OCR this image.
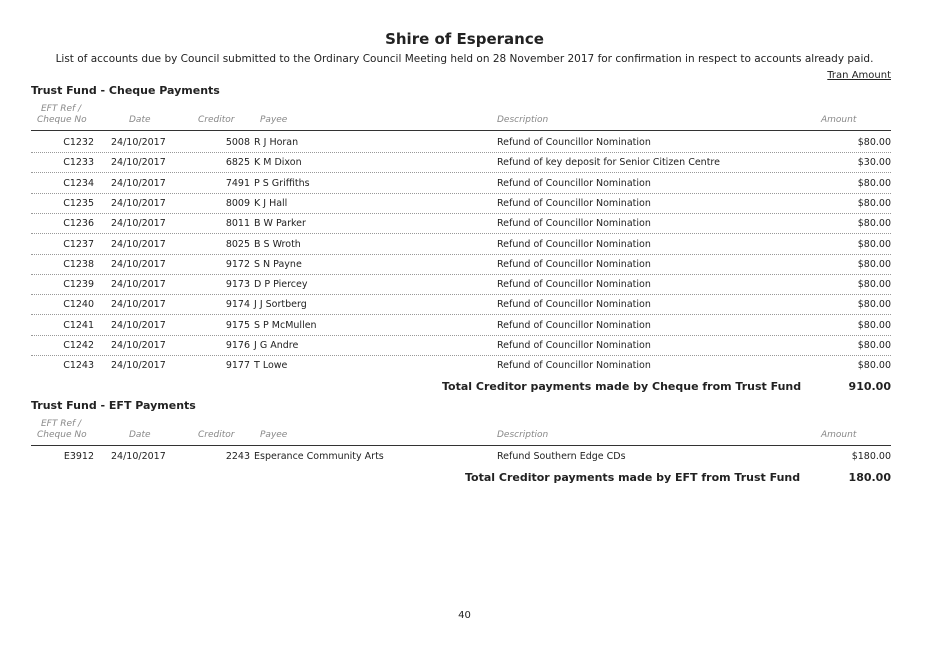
Shire of Esperance
List of accounts due by Council submitted to the Ordinary Council Meeting held on 28 November 2017 for confirmation in respect to accounts already paid.
Tran Amount
Trust Fund - Cheque Payments
EFT Ref /
Cheque No	Date	Creditor	Payee	Description	Amount
C1232 24/10/2017	5008 R J Horan	Refund of Councillor Nomination	$80.00
C1233 24/10/2017	6825 K M Dixon	Refund of key deposit for Senior Citizen Centre	$30.00
C1234 24/10/2017	7491 P S Griffiths	Refund of Councillor Nomination	$80.00
C1235 24/10/2017	8009 K J Hall	Refund of Councillor Nomination	$80.00
C1236 24/10/2017	8011 B W Parker	Refund of Councillor Nomination	$80.00
C1237 24/10/2017	8025 B S Wroth	Refund of Councillor Nomination	$80.00
C1238 24/10/2017	9172 S N Payne	Refund of Councillor Nomination	$80.00
C1239 24/10/2017	9173 D P Piercey	Refund of Councillor Nomination	$80.00
C1240 24/10/2017	9174 J J Sortberg	Refund of Councillor Nomination	$80.00
C1241 24/10/2017	9175 S P McMullen	Refund of Councillor Nomination	$80.00
C1242 24/10/2017	9176 J G Andre	Refund of Councillor Nomination	$80.00
C1243 24/10/2017	9177 T Lowe	Refund of Councillor Nomination	$80.00
Total Creditor payments made by Cheque from Trust Fund	910.00
Trust Fund - EFT Payments
EFT Ref /
Cheque No	Date	Creditor	Payee	Description	Amount
E3912 24/10/2017	2243 Esperance Community Arts	Refund Southern Edge CDs	$180.00
Total Creditor payments made by EFT from Trust Fund	180.00
40
